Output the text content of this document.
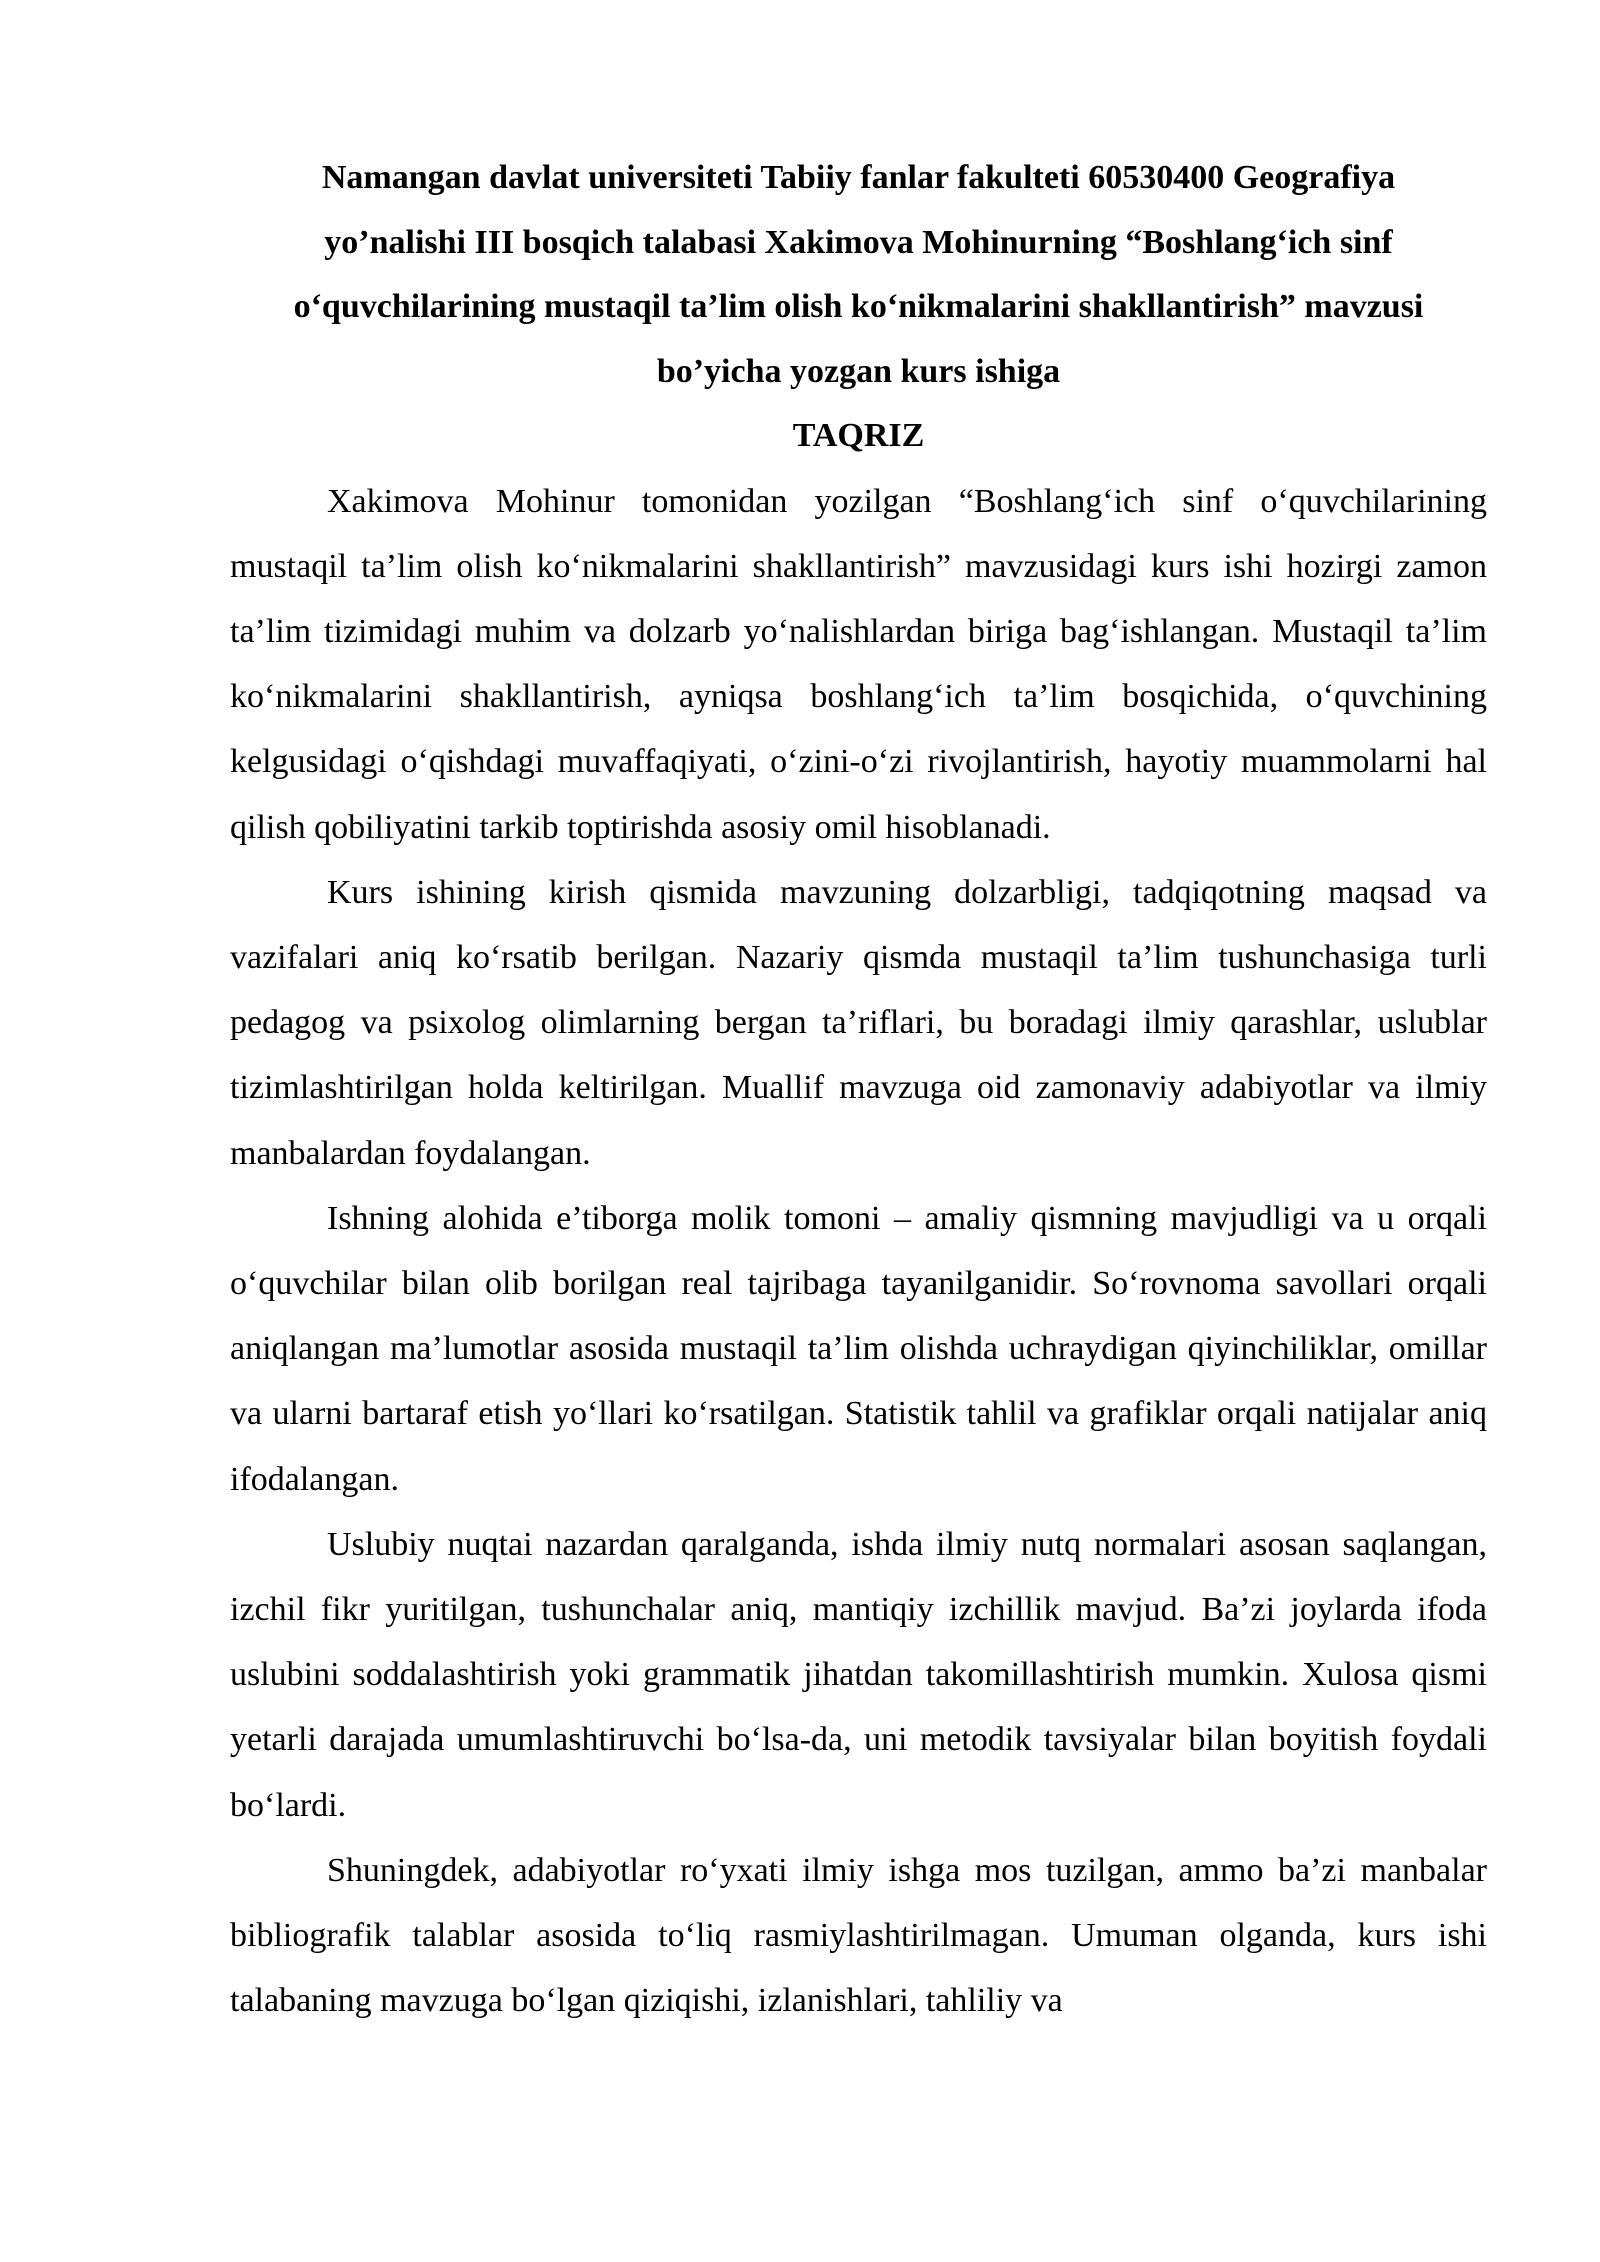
Namangan davlat universiteti Tabiiy fanlar fakulteti 60530400 Geografiya yo’nalishi III bosqich talabasi Xakimova Mohinurning “Boshlang‘ich sinf o‘quvchilarining mustaqil ta’lim olish ko‘nikmalarini shakllantirish” mavzusi bo’yicha yozgan kurs ishiga

TAQRIZ

Xakimova Mohinur tomonidan yozilgan “Boshlang‘ich sinf o‘quvchilarining mustaqil ta’lim olish ko‘nikmalarini shakllantirish” mavzusidagi kurs ishi hozirgi zamon ta’lim tizimidagi muhim va dolzarb yo‘nalishlardan biriga bag‘ishlangan. Mustaqil ta’lim ko‘nikmalarini shakllantirish, ayniqsa boshlang‘ich ta’lim bosqichida, o‘quvchining kelgusidagi o‘qishdagi muvaffaqiyati, o‘zini-o‘zi rivojlantirish, hayotiy muammolarni hal qilish qobiliyatini tarkib toptirishda asosiy omil hisoblanadi.

Kurs ishining kirish qismida mavzuning dolzarbligi, tadqiqotning maqsad va vazifalari aniq ko‘rsatib berilgan. Nazariy qismda mustaqil ta’lim tushunchasiga turli pedagog va psixolog olimlarning bergan ta’riflari, bu boradagi ilmiy qarashlar, uslublar tizimlashtirilgan holda keltirilgan. Muallif mavzuga oid zamonaviy adabiyotlar va ilmiy manbalardan foydalangan.

Ishning alohida e’tiborga molik tomoni – amaliy qismning mavjudligi va u orqali o‘quvchilar bilan olib borilgan real tajribaga tayanilganidir. So‘rovnoma savollari orqali aniqlangan ma’lumotlar asosida mustaqil ta’lim olishda uchraydigan qiyinchiliklar, omillar va ularni bartaraf etish yo‘llari ko‘rsatilgan. Statistik tahlil va grafiklar orqali natijalar aniq ifodalangan.

Uslubiy nuqtai nazardan qaralganda, ishda ilmiy nutq normalari asosan saqlangan, izchil fikr yuritilgan, tushunchalar aniq, mantiqiy izchillik mavjud. Ba’zi joylarda ifoda uslubini soddalashtirish yoki grammatik jihatdan takomillashtirish mumkin. Xulosa qismi yetarli darajada umumlashtiruvchi bo‘lsa-da, uni metodik tavsiyalar bilan boyitish foydali bo‘lardi.

Shuningdek, adabiyotlar ro‘yxati ilmiy ishga mos tuzilgan, ammo ba’zi manbalar bibliografik talablar asosida to‘liq rasmiylashtirilmagan. Umuman olganda, kurs ishi talabaning mavzuga bo‘lgan qiziqishi, izlanishlari, tahliliy va
